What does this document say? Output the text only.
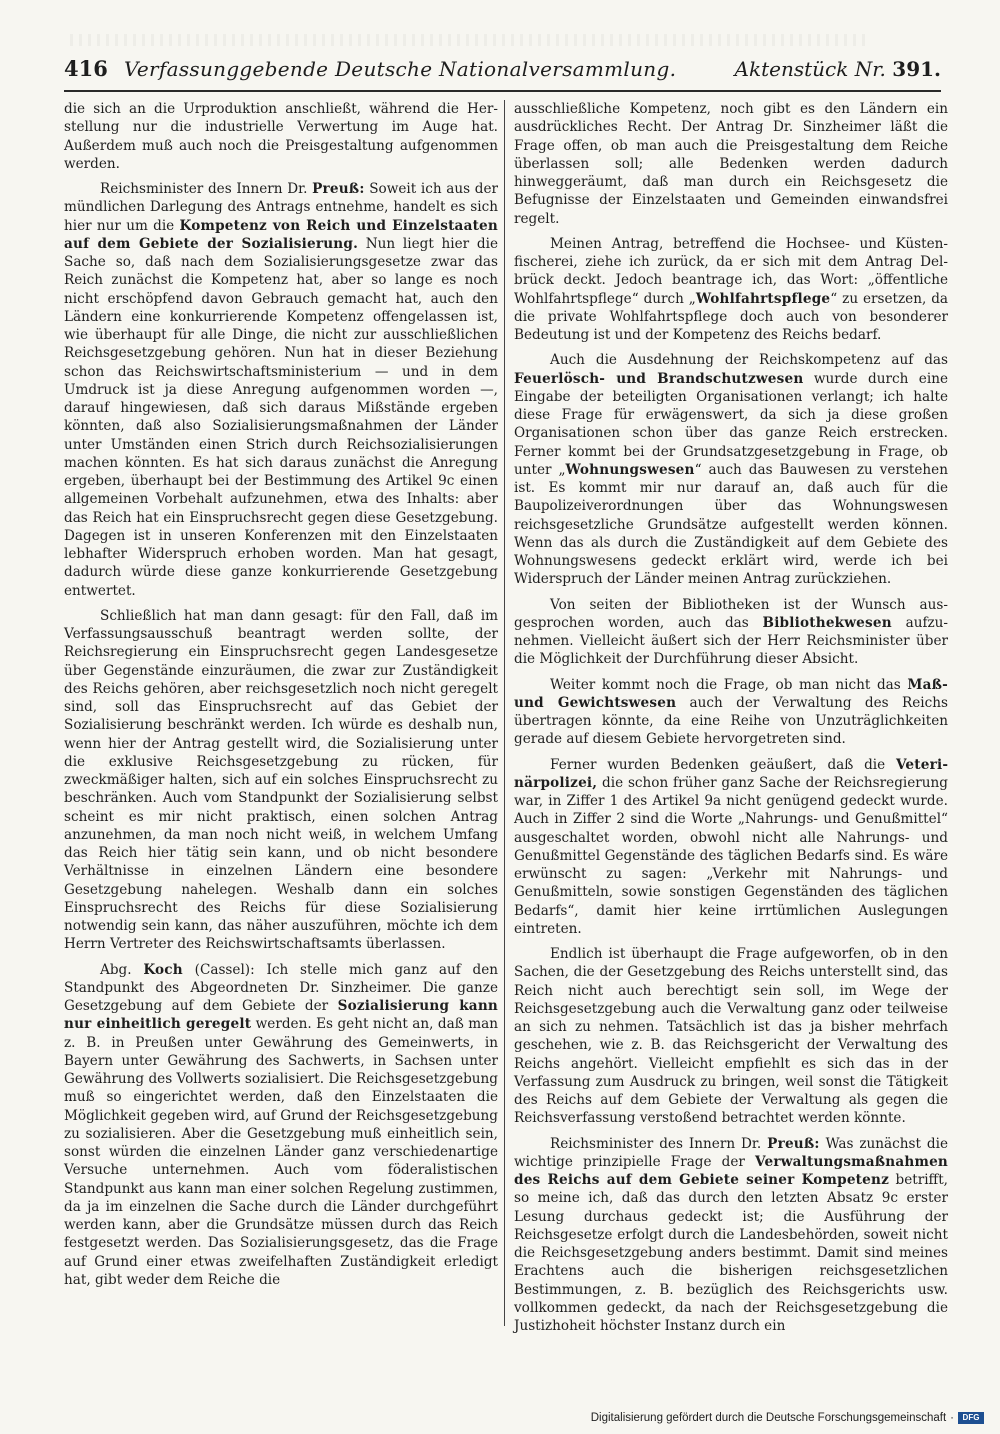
416 Verfassunggebende Deutsche Nationalversammlung.	Aktenstück Nr. 391.

die sich an die Urproduktion anschließt, während die Herstellung nur die industrielle Verwertung im Auge hat. Außerdem muß auch noch die Preisgestaltung aufgenommen werden.

Reichsminister des Innern Dr. Preuß: Soweit ich aus der mündlichen Darlegung des Antrags entnehme, handelt es sich hier nur um die Kompetenz von Reich und Einzelstaaten auf dem Gebiete der Sozialisierung. Nun liegt hier die Sache so, daß nach dem Sozialisierungsgesetze zwar das Reich zunächst die Kompetenz hat, aber so lange es noch nicht erschöpfend davon Gebrauch gemacht hat, auch den Ländern eine konkurrierende Kompetenz offengelassen ist, wie überhaupt für alle Dinge, die nicht zur ausschließlichen Reichsgesetzgebung gehören. Nun hat in dieser Beziehung schon das Reichswirtschaftsministerium — und in dem Umdruck ist ja diese Anregung aufgenommen worden —, darauf hingewiesen, daß sich daraus Mißstände ergeben könnten, daß also Sozialisierungsmaßnahmen der Länder unter Umständen einen Strich durch Reichsozialisierungen machen könnten. Es hat sich daraus zunächst die Anregung ergeben, überhaupt bei der Bestimmung des Artikel 9c einen allgemeinen Vorbehalt aufzunehmen, etwa des Inhalts: aber das Reich hat ein Einspruchsrecht gegen diese Gesetzgebung. Dagegen ist in unseren Konferenzen mit den Einzelstaaten lebhafter Widerspruch erhoben worden. Man hat gesagt, dadurch würde diese ganze konkurrierende Gesetzgebung entwertet.

Schließlich hat man dann gesagt: für den Fall, daß im Verfassungsausschuß beantragt werden sollte, der Reichsregierung ein Einspruchsrecht gegen Landesgesetze über Gegenstände einzuräumen, die zwar zur Zuständigkeit des Reichs gehören, aber reichsgesetzlich noch nicht geregelt sind, soll das Einspruchsrecht auf das Gebiet der Sozialisierung beschränkt werden. Ich würde es deshalb nun, wenn hier der Antrag gestellt wird, die Sozialisierung unter die exklusive Reichsgesetzgebung zu rücken, für zweckmäßiger halten, sich auf ein solches Einspruchsrecht zu beschränken. Auch vom Standpunkt der Sozialisierung selbst scheint es mir nicht praktisch, einen solchen Antrag anzunehmen, da man noch nicht weiß, in welchem Umfang das Reich hier tätig sein kann, und ob nicht besondere Verhältnisse in einzelnen Ländern eine besondere Gesetzgebung nahelegen. Weshalb dann ein solches Einspruchsrecht des Reichs für diese Sozialisierung notwendig sein kann, das näher auszuführen, möchte ich dem Herrn Vertreter des Reichswirtschaftsamts überlassen.

Abg. Koch (Cassel): Ich stelle mich ganz auf den Standpunkt des Abgeordneten Dr. Sinzheimer. Die ganze Gesetzgebung auf dem Gebiete der Sozialisierung kann nur einheitlich geregelt werden. Es geht nicht an, daß man z. B. in Preußen unter Gewährung des Gemeinwerts, in Bayern unter Gewährung des Sachwerts, in Sachsen unter Gewährung des Vollwerts sozialisiert. Die Reichsgesetzgebung muß so eingerichtet werden, daß den Einzelstaaten die Möglichkeit gegeben wird, auf Grund der Reichsgesetzgebung zu sozialisieren. Aber die Gesetzgebung muß einheitlich sein, sonst würden die einzelnen Länder ganz verschiedenartige Versuche unternehmen. Auch vom föderalistischen Standpunkt aus kann man einer solchen Regelung zustimmen, da ja im einzelnen die Sache durch die Länder durchgeführt werden kann, aber die Grundsätze müssen durch das Reich festgesetzt werden. Das Sozialisierungsgesetz, das die Frage auf Grund einer etwas zweifelhaften Zuständigkeit erledigt hat, gibt weder dem Reiche die

ausschließliche Kompetenz, noch gibt es den Ländern ein ausdrückliches Recht. Der Antrag Dr. Sinzheimer läßt die Frage offen, ob man auch die Preisgestaltung dem Reiche überlassen soll; alle Bedenken werden dadurch hinweggeräumt, daß man durch ein Reichsgesetz die Befugnisse der Einzelstaaten und Gemeinden einwandsfrei regelt.

Meinen Antrag, betreffend die Hochsee- und Küstenfischerei, ziehe ich zurück, da er sich mit dem Antrag Delbrück deckt. Jedoch beantrage ich, das Wort: „öffentliche Wohlfahrtspflege“ durch „Wohlfahrtspflege“ zu ersetzen, da die private Wohlfahrtspflege doch auch von besonderer Bedeutung ist und der Kompetenz des Reichs bedarf.

Auch die Ausdehnung der Reichskompetenz auf das Feuerlösch- und Brandschutzwesen wurde durch eine Eingabe der beteiligten Organisationen verlangt; ich halte diese Frage für erwägenswert, da sich ja diese großen Organisationen schon über das ganze Reich erstrecken. Ferner kommt bei der Grundsatzgesetzgebung in Frage, ob unter „Wohnungswesen“ auch das Bauwesen zu verstehen ist. Es kommt mir nur darauf an, daß auch für die Baupolizeiverordnungen über das Wohnungswesen reichsgesetzliche Grundsätze aufgestellt werden können. Wenn das als durch die Zuständigkeit auf dem Gebiete des Wohnungswesens gedeckt erklärt wird, werde ich bei Widerspruch der Länder meinen Antrag zurückziehen.

Von seiten der Bibliotheken ist der Wunsch ausgesprochen worden, auch das Bibliothekwesen aufzunehmen. Vielleicht äußert sich der Herr Reichsminister über die Möglichkeit der Durchführung dieser Absicht.

Weiter kommt noch die Frage, ob man nicht das Maß- und Gewichtswesen auch der Verwaltung des Reichs übertragen könnte, da eine Reihe von Unzuträglichkeiten gerade auf diesem Gebiete hervorgetreten sind.

Ferner wurden Bedenken geäußert, daß die Veterinärpolizei, die schon früher ganz Sache der Reichsregierung war, in Ziffer 1 des Artikel 9a nicht genügend gedeckt wurde. Auch in Ziffer 2 sind die Worte „Nahrungs- und Genußmittel“ ausgeschaltet worden, obwohl nicht alle Nahrungs- und Genußmittel Gegenstände des täglichen Bedarfs sind. Es wäre erwünscht zu sagen: „Verkehr mit Nahrungs- und Genußmitteln, sowie sonstigen Gegenständen des täglichen Bedarfs“, damit hier keine irrtümlichen Auslegungen eintreten.

Endlich ist überhaupt die Frage aufgeworfen, ob in den Sachen, die der Gesetzgebung des Reichs unterstellt sind, das Reich nicht auch berechtigt sein soll, im Wege der Reichsgesetzgebung auch die Verwaltung ganz oder teilweise an sich zu nehmen. Tatsächlich ist das ja bisher mehrfach geschehen, wie z. B. das Reichsgericht der Verwaltung des Reichs angehört. Vielleicht empfiehlt es sich das in der Verfassung zum Ausdruck zu bringen, weil sonst die Tätigkeit des Reichs auf dem Gebiete der Verwaltung als gegen die Reichsverfassung verstoßend betrachtet werden könnte.

Reichsminister des Innern Dr. Preuß: Was zunächst die wichtige prinzipielle Frage der Verwaltungsmaßnahmen des Reichs auf dem Gebiete seiner Kompetenz betrifft, so meine ich, daß das durch den letzten Absatz 9c erster Lesung durchaus gedeckt ist; die Ausführung der Reichsgesetze erfolgt durch die Landesbehörden, soweit nicht die Reichsgesetzgebung anders bestimmt. Damit sind meines Erachtens auch die bisherigen reichsgesetzlichen Bestimmungen, z. B. bezüglich des Reichsgerichts usw. vollkommen gedeckt, da nach der Reichsgesetzgebung die Justizhoheit höchster Instanz durch ein

Digitalisierung gefördert durch die Deutsche Forschungsgemeinschaft ·	DFG
